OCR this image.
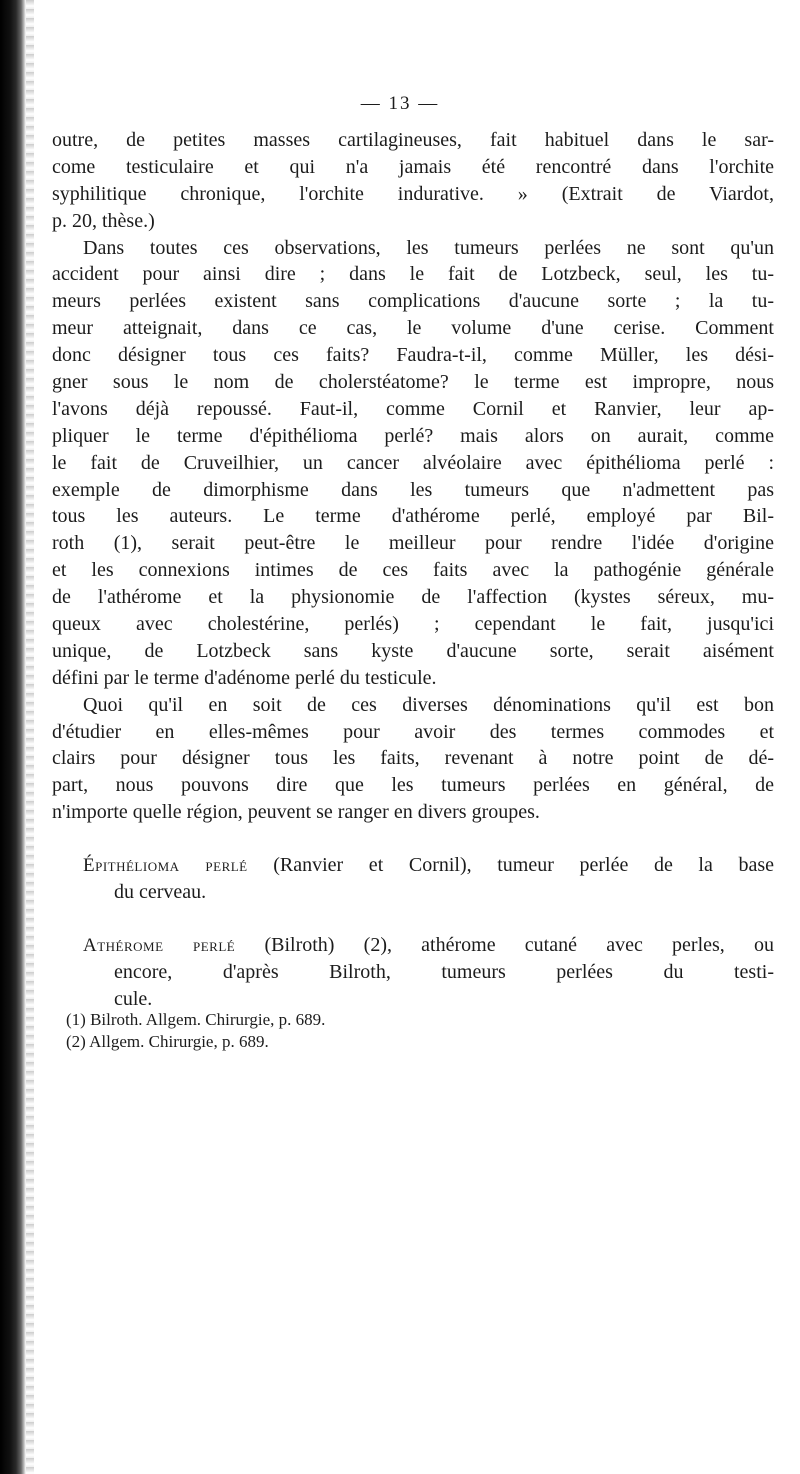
— 13 —
outre, de petites masses cartilagineuses, fait habituel dans le sar-
come testiculaire et qui n'a jamais été rencontré dans l'orchite
syphilitique chronique, l'orchite indurative. » (Extrait de Viardot,
p. 20, thèse.)
Dans toutes ces observations, les tumeurs perlées ne sont qu'un
accident pour ainsi dire ; dans le fait de Lotzbeck, seul, les tu-
meurs perlées existent sans complications d'aucune sorte ; la tu-
meur atteignait, dans ce cas, le volume d'une cerise. Comment
donc désigner tous ces faits? Faudra-t-il, comme Müller, les dési-
gner sous le nom de cholerstéatome? le terme est impropre, nous
l'avons déjà repoussé. Faut-il, comme Cornil et Ranvier, leur ap-
pliquer le terme d'épithélioma perlé? mais alors on aurait, comme
le fait de Cruveilhier, un cancer alvéolaire avec épithélioma perlé :
exemple de dimorphisme dans les tumeurs que n'admettent pas
tous les auteurs. Le terme d'athérome perlé, employé par Bil-
roth (1), serait peut-être le meilleur pour rendre l'idée d'origine
et les connexions intimes de ces faits avec la pathogénie générale
de l'athérome et la physionomie de l'affection (kystes séreux, mu-
queux avec cholestérine, perlés) ; cependant le fait, jusqu'ici
unique, de Lotzbeck sans kyste d'aucune sorte, serait aisément
défini par le terme d'adénome perlé du testicule.
Quoi qu'il en soit de ces diverses dénominations qu'il est bon
d'étudier en elles-mêmes pour avoir des termes commodes et
clairs pour désigner tous les faits, revenant à notre point de dé-
part, nous pouvons dire que les tumeurs perlées en général, de
n'importe quelle région, peuvent se ranger en divers groupes.
Épithélioma perlé (Ranvier et Cornil), tumeur perlée de la base
du cerveau.
Athérome perlé (Bilroth) (2), athérome cutané avec perles, ou
encore, d'après Bilroth, tumeurs perlées du testi-
cule.
(1) Bilroth. Allgem. Chirurgie, p. 689.
(2) Allgem. Chirurgie, p. 689.
